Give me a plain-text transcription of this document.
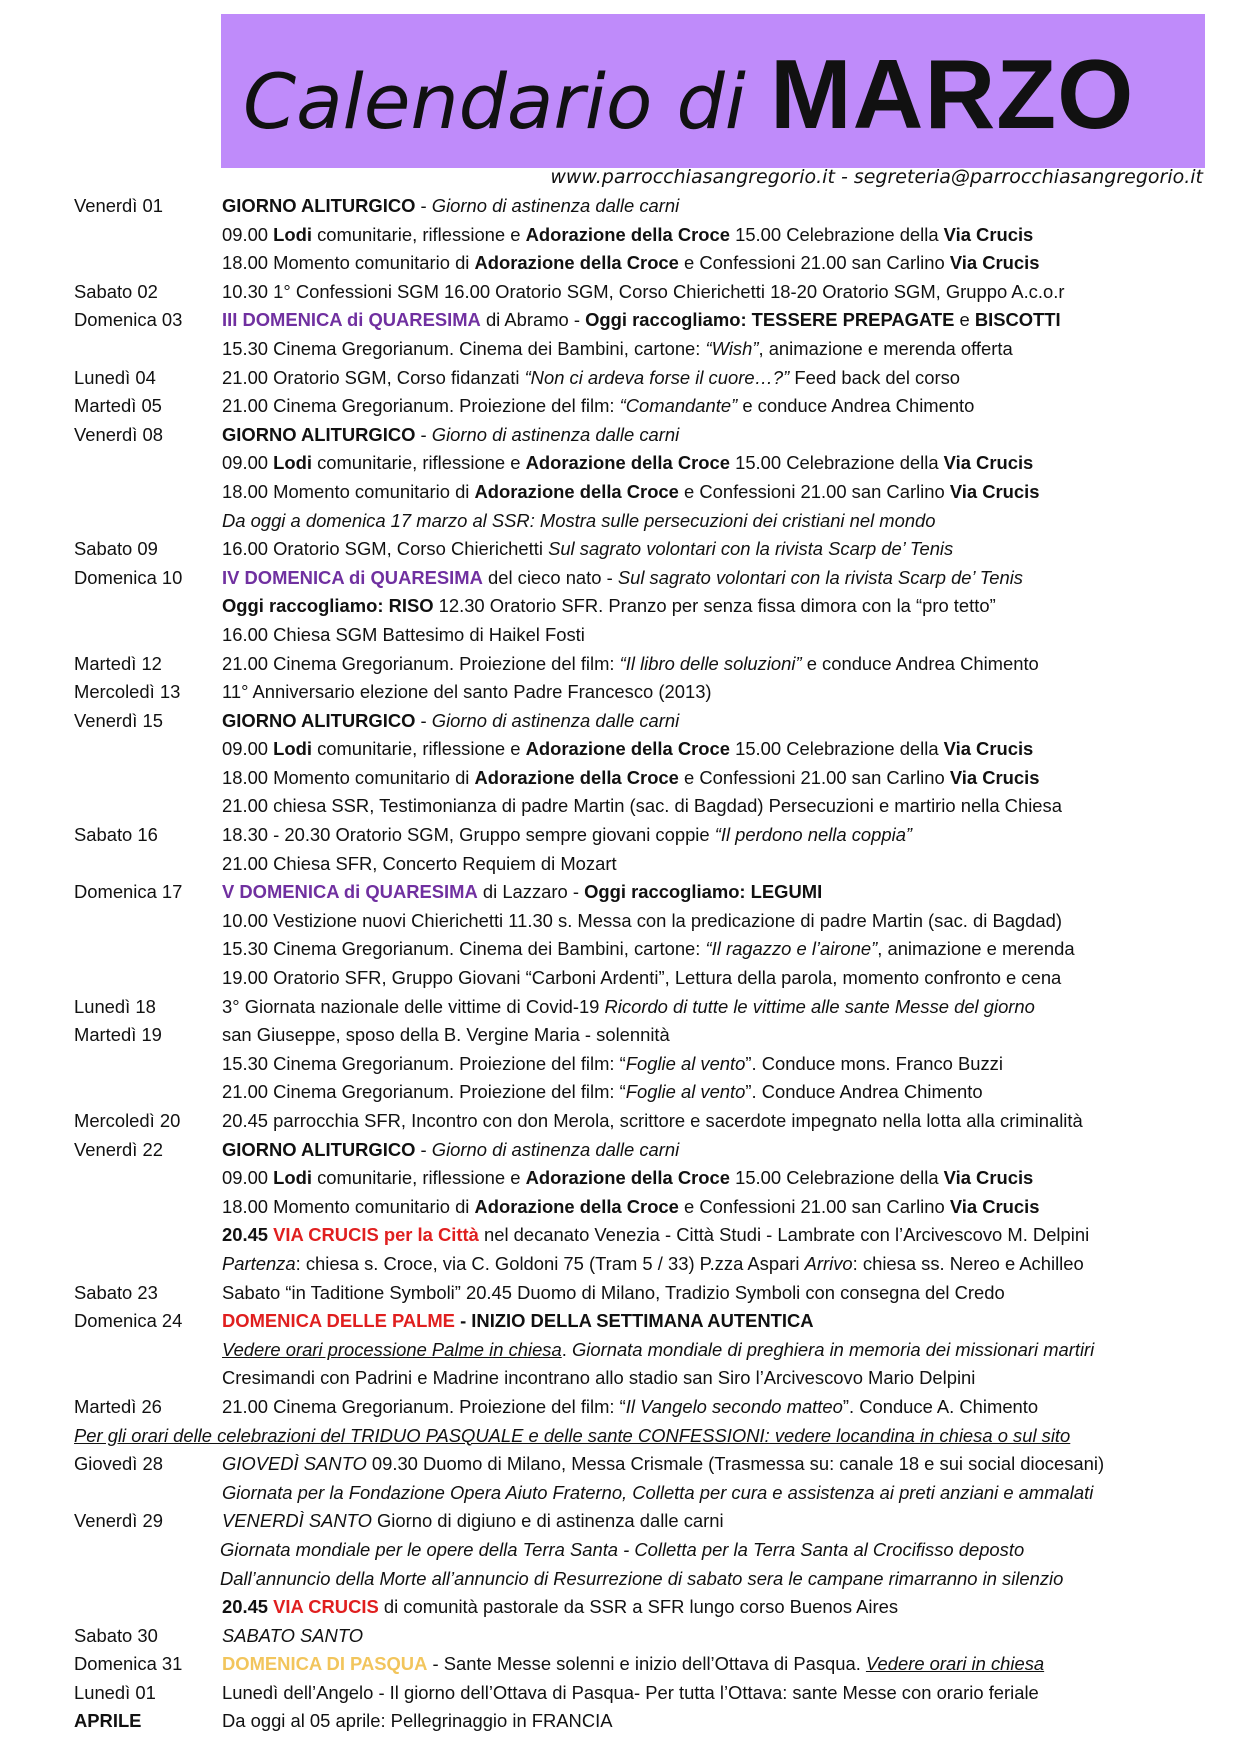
Calendario di MARZO
www.parrocchiasangregorio.it - segreteria@parrocchiasangregorio.it
Venerdì 01	GIORNO ALITURGICO - Giorno di astinenza dalle carni
09.00 Lodi comunitarie, riflessione e Adorazione della Croce 15.00 Celebrazione della Via Crucis
18.00 Momento comunitario di Adorazione della Croce e Confessioni 21.00 san Carlino Via Crucis
Sabato 02	10.30 1° Confessioni SGM 16.00 Oratorio SGM, Corso Chierichetti 18-20 Oratorio SGM, Gruppo A.c.o.r
Domenica 03 III DOMENICA di QUARESIMA di Abramo - Oggi raccogliamo: TESSERE PREPAGATE e BISCOTTI
15.30 Cinema Gregorianum. Cinema dei Bambini, cartone: “Wish”, animazione e merenda offerta
Lunedì 04	21.00 Oratorio SGM, Corso fidanzati “Non ci ardeva forse il cuore…?” Feed back del corso
Martedì 05	21.00 Cinema Gregorianum. Proiezione del film: “Comandante” e conduce Andrea Chimento
Venerdì 08	GIORNO ALITURGICO - Giorno di astinenza dalle carni
09.00 Lodi comunitarie, riflessione e Adorazione della Croce 15.00 Celebrazione della Via Crucis
18.00 Momento comunitario di Adorazione della Croce e Confessioni 21.00 san Carlino Via Crucis
Da oggi a domenica 17 marzo al SSR: Mostra sulle persecuzioni dei cristiani nel mondo
Sabato 09	16.00 Oratorio SGM, Corso Chierichetti Sul sagrato volontari con la rivista Scarp de’ Tenis
Domenica 10 IV DOMENICA di QUARESIMA del cieco nato - Sul sagrato volontari con la rivista Scarp de’ Tenis
Oggi raccogliamo: RISO 12.30 Oratorio SFR. Pranzo per senza fissa dimora con la “pro tetto”
16.00 Chiesa SGM Battesimo di Haikel Fosti
Martedì 12	21.00 Cinema Gregorianum. Proiezione del film: “Il libro delle soluzioni” e conduce Andrea Chimento
Mercoledì 13 11° Anniversario elezione del santo Padre Francesco (2013)
Venerdì 15	GIORNO ALITURGICO - Giorno di astinenza dalle carni
09.00 Lodi comunitarie, riflessione e Adorazione della Croce 15.00 Celebrazione della Via Crucis
18.00 Momento comunitario di Adorazione della Croce e Confessioni 21.00 san Carlino Via Crucis
21.00 chiesa SSR, Testimonianza di padre Martin (sac. di Bagdad) Persecuzioni e martirio nella Chiesa
Sabato 16	18.30 - 20.30 Oratorio SGM, Gruppo sempre giovani coppie “Il perdono nella coppia”
21.00 Chiesa SFR, Concerto Requiem di Mozart
Domenica 17 V DOMENICA di QUARESIMA di Lazzaro - Oggi raccogliamo: LEGUMI
10.00 Vestizione nuovi Chierichetti 11.30 s. Messa con la predicazione di padre Martin (sac. di Bagdad)
15.30 Cinema Gregorianum. Cinema dei Bambini, cartone: “Il ragazzo e l’airone”, animazione e merenda
19.00 Oratorio SFR, Gruppo Giovani “Carboni Ardenti”, Lettura della parola, momento confronto e cena
Lunedì 18	3° Giornata nazionale delle vittime di Covid-19 Ricordo di tutte le vittime alle sante Messe del giorno
Martedì 19	san Giuseppe, sposo della B. Vergine Maria - solennità
15.30 Cinema Gregorianum. Proiezione del film: “Foglie al vento”. Conduce mons. Franco Buzzi
21.00 Cinema Gregorianum. Proiezione del film: “Foglie al vento”. Conduce Andrea Chimento
Mercoledì 20 20.45 parrocchia SFR, Incontro con don Merola, scrittore e sacerdote impegnato nella lotta alla criminalità
Venerdì 22	GIORNO ALITURGICO - Giorno di astinenza dalle carni
09.00 Lodi comunitarie, riflessione e Adorazione della Croce 15.00 Celebrazione della Via Crucis
18.00 Momento comunitario di Adorazione della Croce e Confessioni 21.00 san Carlino Via Crucis
20.45 VIA CRUCIS per la Città nel decanato Venezia - Città Studi - Lambrate con l’Arcivescovo M. Delpini
Partenza: chiesa s. Croce, via C. Goldoni 75 (Tram 5 / 33) P.zza Aspari Arrivo: chiesa ss. Nereo e Achilleo
Sabato 23	Sabato “in Taditione Symboli” 20.45 Duomo di Milano, Tradizio Symboli con consegna del Credo
Domenica 24 DOMENICA DELLE PALME - INIZIO DELLA SETTIMANA AUTENTICA
Vedere orari processione Palme in chiesa. Giornata mondiale di preghiera in memoria dei missionari martiri
Cresimandi con Padrini e Madrine incontrano allo stadio san Siro l’Arcivescovo Mario Delpini
Martedì 26	21.00 Cinema Gregorianum. Proiezione del film: “Il Vangelo secondo matteo”. Conduce A. Chimento
Per gli orari delle celebrazioni del TRIDUO PASQUALE e delle sante CONFESSIONI: vedere locandina in chiesa o sul sito
Giovedì 28	GIOVEDÌ SANTO 09.30 Duomo di Milano, Messa Crismale (Trasmessa su: canale 18 e sui social diocesani)
Giornata per la Fondazione Opera Aiuto Fraterno, Colletta per cura e assistenza ai preti anziani e ammalati
Venerdì 29	VENERDÌ SANTO Giorno di digiuno e di astinenza dalle carni
Giornata mondiale per le opere della Terra Santa - Colletta per la Terra Santa al Crocifisso deposto
Dall’annuncio della Morte all’annuncio di Resurrezione di sabato sera le campane rimarranno in silenzio
20.45 VIA CRUCIS di comunità pastorale da SSR a SFR lungo corso Buenos Aires
Sabato 30	SABATO SANTO
Domenica 31 DOMENICA DI PASQUA - Sante Messe solenni e inizio dell’Ottava di Pasqua. Vedere orari in chiesa
Lunedì 01	Lunedì dell’Angelo - Il giorno dell’Ottava di Pasqua- Per tutta l’Ottava: sante Messe con orario feriale
APRILE	Da oggi al 05 aprile: Pellegrinaggio in FRANCIA
